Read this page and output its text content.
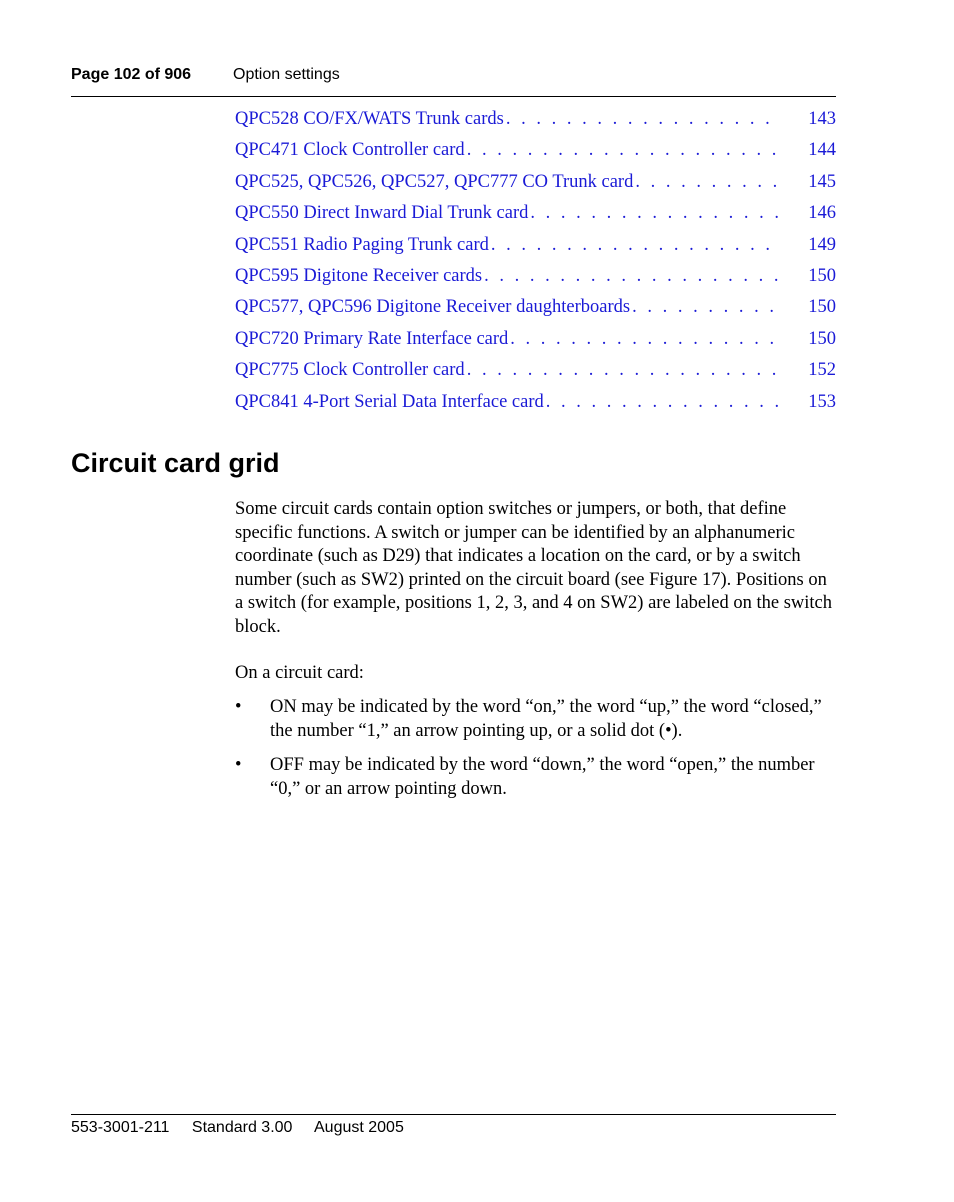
Page 102 of 906	Option settings
QPC528 CO/FX/WATS Trunk cards . . .	143
QPC471 Clock Controller card . . .	144
QPC525, QPC526, QPC527, QPC777 CO Trunk card . . .	145
QPC550 Direct Inward Dial Trunk card . . .	146
QPC551 Radio Paging Trunk card . . .	149
QPC595 Digitone Receiver cards . . .	150
QPC577, QPC596 Digitone Receiver daughterboards . . .	150
QPC720 Primary Rate Interface card . . .	150
QPC775 Clock Controller card . . .	152
QPC841 4-Port Serial Data Interface card . . .	153
Circuit card grid

Some circuit cards contain option switches or jumpers, or both, that define specific functions. A switch or jumper can be identified by an alphanumeric coordinate (such as D29) that indicates a location on the card, or by a switch number (such as SW2) printed on the circuit board (see Figure 17). Positions on a switch (for example, positions 1, 2, 3, and 4 on SW2) are labeled on the switch block.

On a circuit card:

• ON may be indicated by the word “on,” the word “up,” the word “closed,” the number “1,” an arrow pointing up, or a solid dot (•).
• OFF may be indicated by the word “down,” the word “open,” the number “0,” or an arrow pointing down.
553-3001-211 Standard 3.00 August 2005
